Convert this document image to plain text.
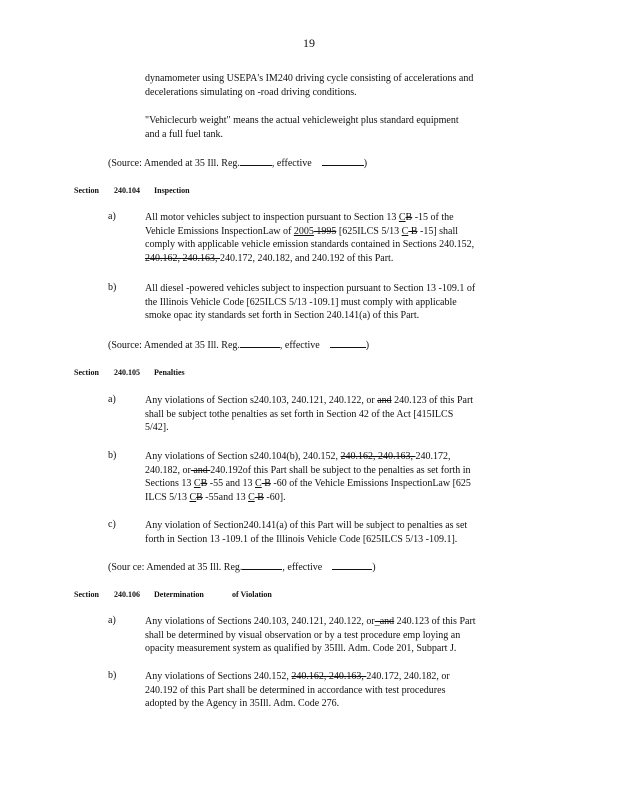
19
dynamometer using USEPA's IM240 driving cycle consisting of accelerations and
decelerations simulating on -road driving conditions.
"Vehiclecurb weight" means the actual vehicleweight plus standard equipment
and a full fuel tank.
(Source: Amended at 35 Ill. Reg.	, effective	)
Section 240.104 Inspection
a)	All motor vehicles subject to inspection pursuant to Section 13 CB -15 of the
Vehicle Emissions InspectionLaw of 2005 1995 [625ILCS 5/13 C B -15] shall
comply with applicable vehicle emission standards contained in Sections 240.152,
240.162, 240.163, 240.172, 240.182, and 240.192 of this Part.
b)	All diesel -powered vehicles subject to inspection pursuant to Section 13 -109.1 of
the Illinois Vehicle Code [625ILCS 5/13 -109.1] must comply with applicable
smoke opac ity standards set forth in Section 240.141(a) of this Part.
(Source: Amended at 35 Ill. Reg.	, effective	)
Section 240.105 Penalties
a)	Any violations of Section s240.103, 240.121, 240.122, or and 240.123 of this Part
shall be subject tothe penalties as set forth in Section 42 of the Act [415ILCS
5/42].
b)	Any violations of Section s240.104(b), 240.152, 240.162, 240.163, 240.172,
240.182, or and 240.192of this Part shall be subject to the penalties as set forth in
Sections 13 CB -55 and 13 C B -60 of the Vehicle Emissions InspectionLaw [625
ILCS 5/13 CB -55and 13 C B -60].
c)	Any violation of Section240.141(a) of this Part will be subject to penalties as set
forth in Section 13 -109.1 of the Illinois Vehicle Code [625ILCS 5/13 -109.1].
(Sour ce: Amended at 35 Ill. Reg.	, effective	)
Section 240.106 Determination	of Violation
a)	Any violations of Sections 240.103, 240.121, 240.122, or_and 240.123 of this Part
shall be determined by visual observation or by a test procedure emp loying an
opacity measurement system as qualified by 35Ill. Adm. Code 201, Subpart J.
b)	Any violations of Sections 240.152, 240.162, 240.163, 240.172, 240.182, or
240.192 of this Part shall be determined in accordance with test procedures
adopted by the Agency in 35Ill. Adm. Code 276.
